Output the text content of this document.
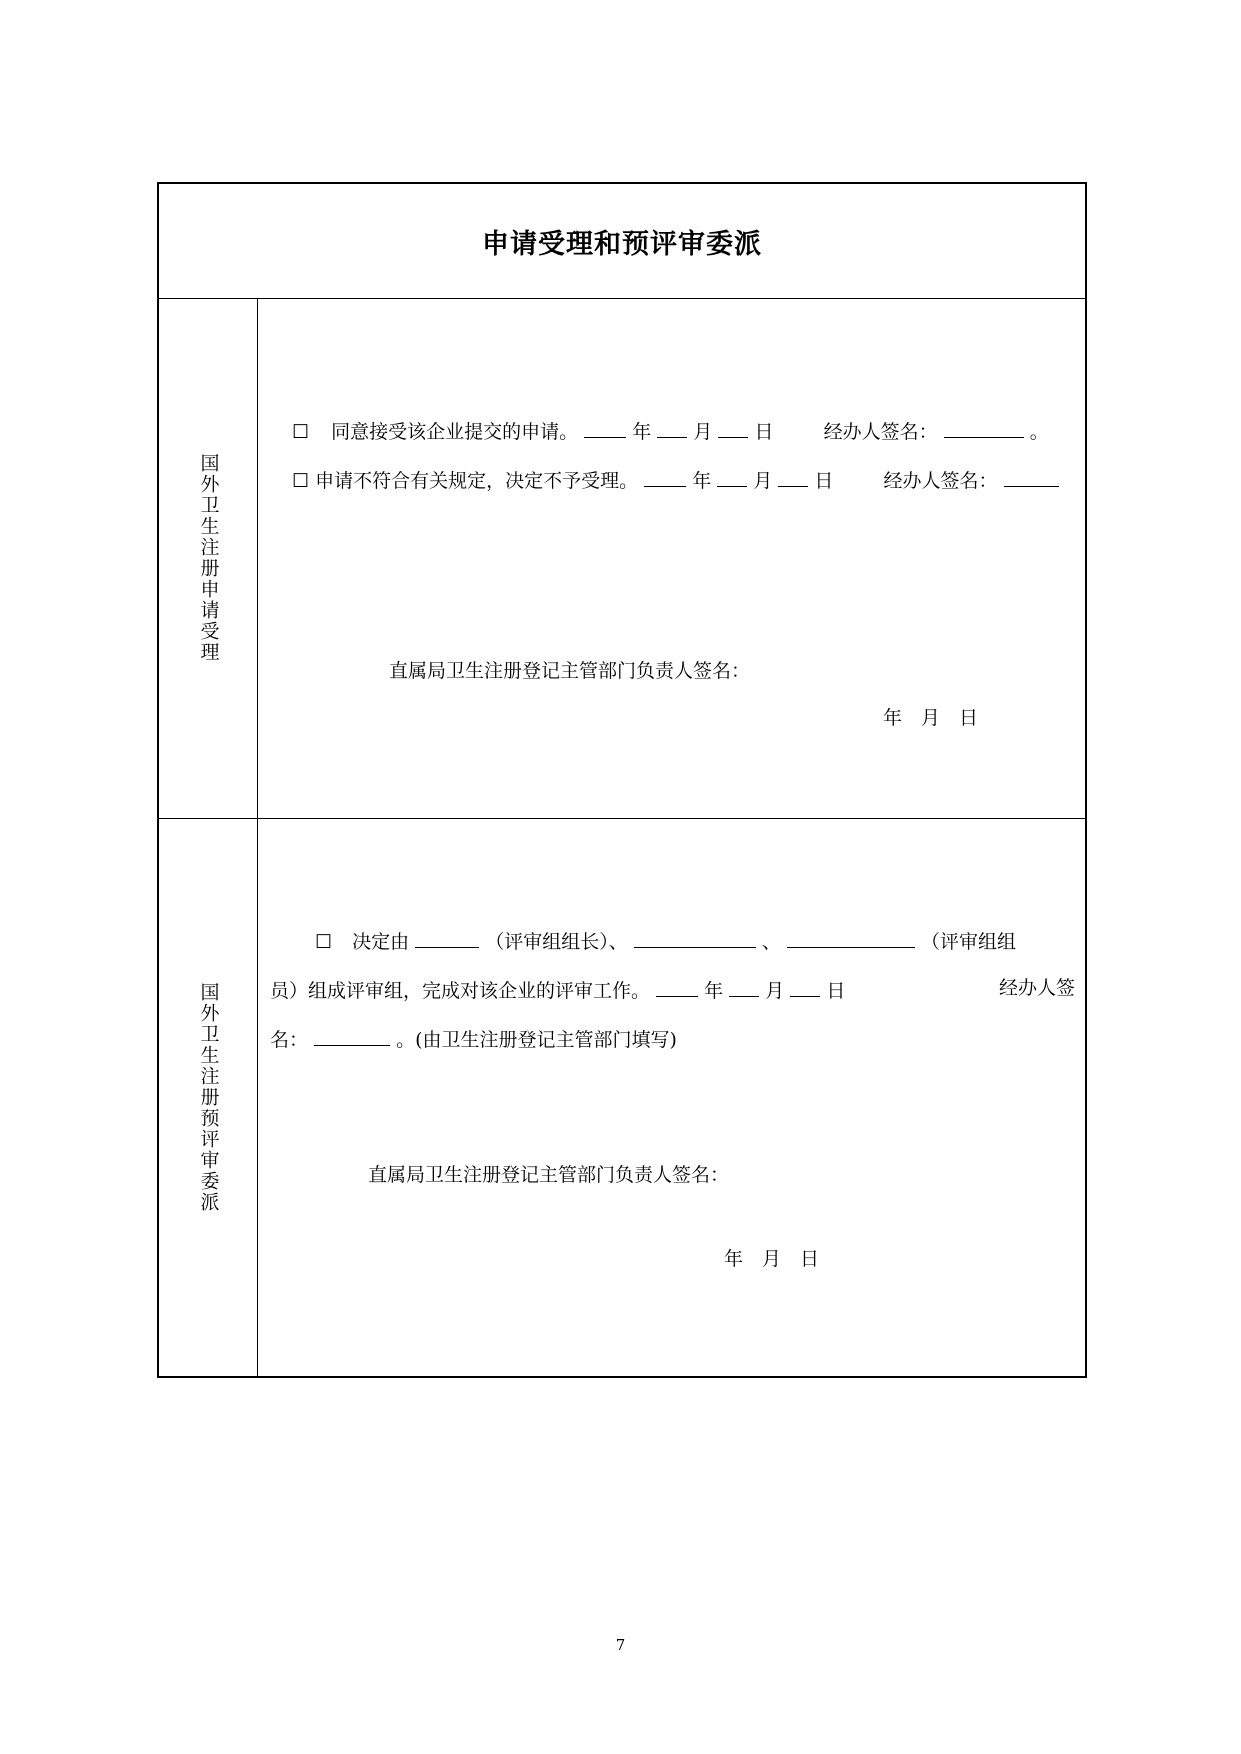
申请受理和预评审委派
国外卫生注册申请受理
☐ 同意接受该企业提交的申请。	年 月 日	经办人签名：	。
☐ 申请不符合有关规定，决定不予受理。	年 月 日	经办人签名：
直属局卫生注册登记主管部门负责人签名：
年　月　日
国外卫生注册预评审委派
☐ 决定由	（评审组组长）、	、	（评审组组
员）组成评审组，完成对该企业的评审工作。	年 月 日	经办人签
名：	。(由卫生注册登记主管部门填写)
直属局卫生注册登记主管部门负责人签名：
年　月　日
7
